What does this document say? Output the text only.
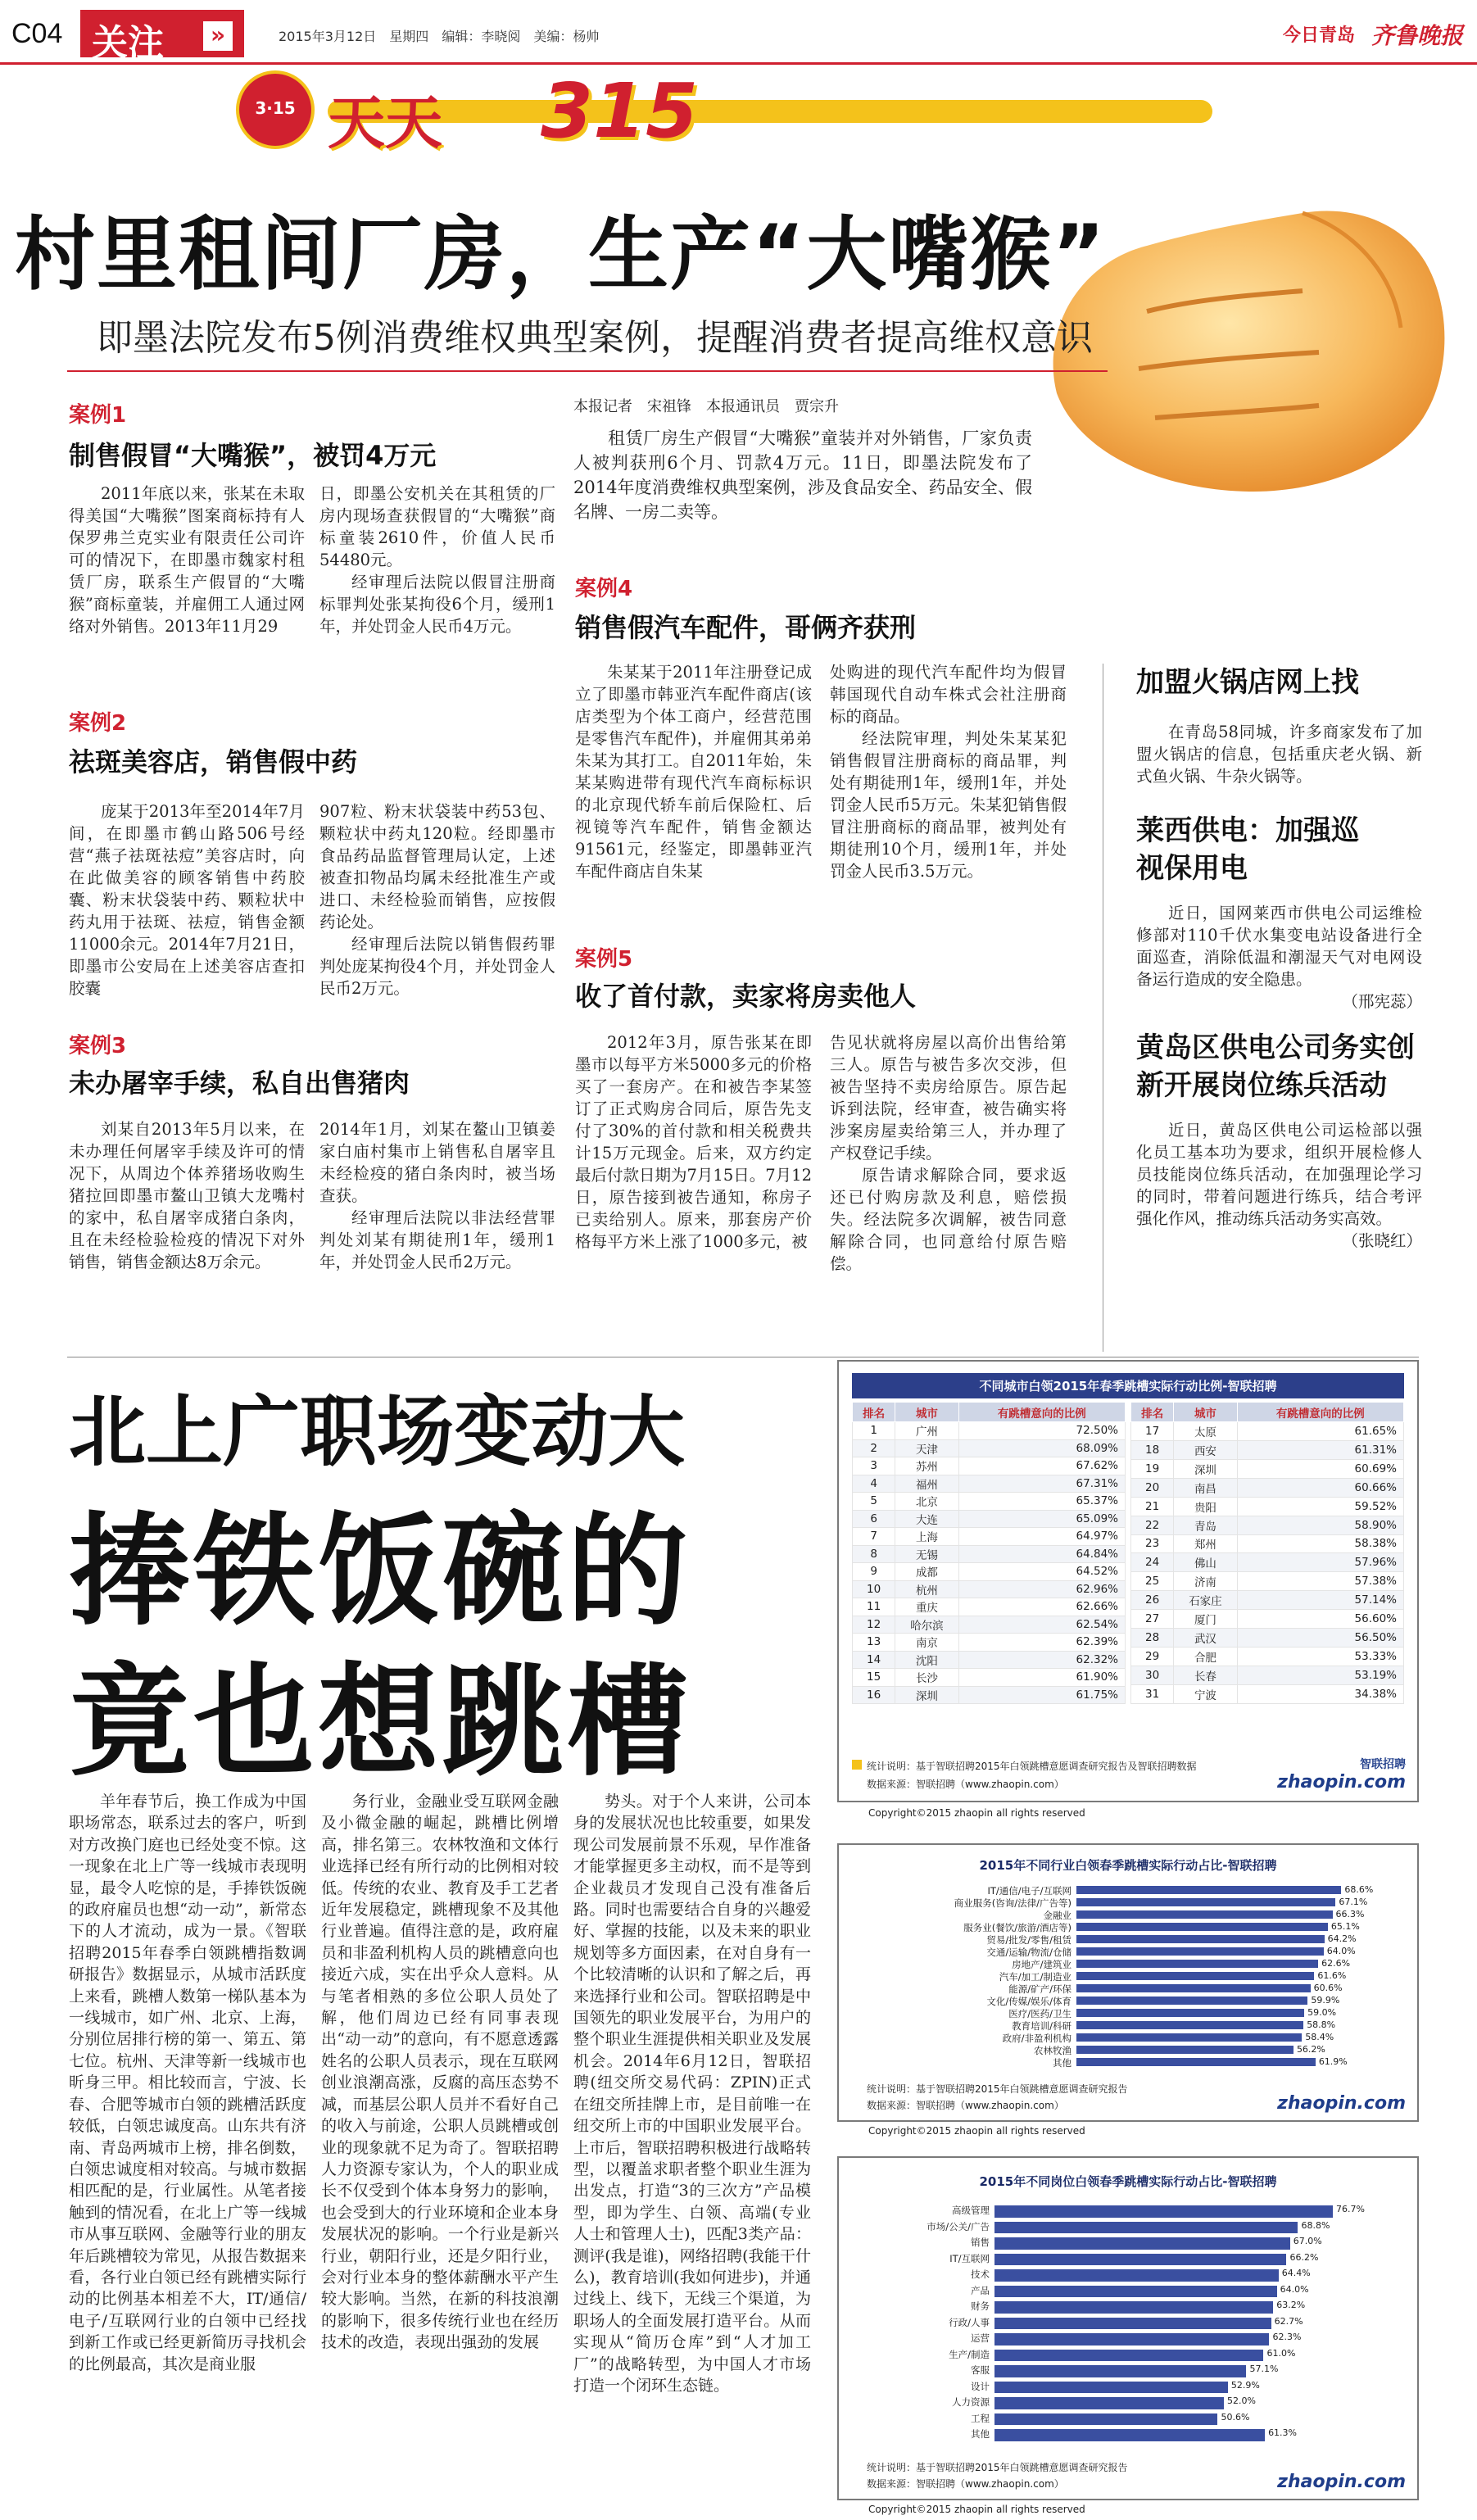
C04 关注	»	2015年3月12日　 星期四　 编辑：李晓阅　 美编：杨帅	今日青岛 齐鲁晚报
3·15 天天 315
村里租间厂房，生产“大嘴猴”
即墨法院发布5例消费维权典型案例，提醒消费者提高维权意识
案例1
制售假冒“大嘴猴”，被罚4万元

2011年底以来，张某在未取得美国“大嘴猴”图案商标持有人保罗弗兰克实业有限责任公司许可的情况下，在即墨市魏家村租赁厂房，联系生产假冒的“大嘴猴”商标童装，并雇佣工人通过网络对外销售。2013年11月29

日，即墨公安机关在其租赁的厂房内现场查获假冒的“大嘴猴”商标童装2610件，价值人民币54480元。

经审理后法院以假冒注册商标罪判处张某拘役6个月，缓刑1年，并处罚金人民币4万元。

本报记者　宋祖锋　本报通讯员　贾宗升

租赁厂房生产假冒“大嘴猴”童装并对外销售，厂家负责人被判获刑6个月、罚款4万元。11日，即墨法院发布了2014年度消费维权典型案例，涉及食品安全、药品安全、假名牌、一房二卖等。

案例2
祛斑美容店，销售假中药

庞某于2013年至2014年7月间，在即墨市鹤山路506号经营“燕子祛斑祛痘”美容店时，向在此做美容的顾客销售中药胶囊、粉末状袋装中药、颗粒状中药丸用于祛斑、祛痘，销售金额11000余元。2014年7月21日，即墨市公安局在上述美容店查扣胶囊

907粒、粉末状袋装中药53包、颗粒状中药丸120粒。经即墨市食品药品监督管理局认定，上述被查扣物品均属未经批准生产或进口、未经检验而销售，应按假药论处。

经审理后法院以销售假药罪判处庞某拘役4个月，并处罚金人民币2万元。

案例3
未办屠宰手续，私自出售猪肉

刘某自2013年5月以来，在未办理任何屠宰手续及许可的情况下，从周边个体养猪场收购生猪拉回即墨市鳌山卫镇大龙嘴村的家中，私自屠宰成猪白条肉，且在未经检验检疫的情况下对外销售，销售金额达8万余元。

2014年1月，刘某在鳌山卫镇姜家白庙村集市上销售私自屠宰且未经检疫的猪白条肉时，被当场查获。

经审理后法院以非法经营罪判处刘某有期徒刑1年，缓刑1年，并处罚金人民币2万元。

案例4
销售假汽车配件，哥俩齐获刑

朱某某于2011年注册登记成立了即墨市韩亚汽车配件商店(该店类型为个体工商户，经营范围是零售汽车配件)，并雇佣其弟弟朱某为其打工。自2011年始，朱某某购进带有现代汽车商标标识的北京现代轿车前后保险杠、后视镜等汽车配件，销售金额达91561元，经鉴定，即墨韩亚汽车配件商店自朱某

处购进的现代汽车配件均为假冒韩国现代自动车株式会社注册商标的商品。

经法院审理，判处朱某某犯销售假冒注册商标的商品罪，判处有期徒刑1年，缓刑1年，并处罚金人民币5万元。朱某犯销售假冒注册商标的商品罪，被判处有期徒刑10个月，缓刑1年，并处罚金人民币3.5万元。

案例5
收了首付款，卖家将房卖他人

2012年3月，原告张某在即墨市以每平方米5000多元的价格买了一套房产。在和被告李某签订了正式购房合同后，原告先支付了30%的首付款和相关税费共计15万元现金。后来，双方约定最后付款日期为7月15日。7月12日，原告接到被告通知，称房子已卖给别人。原来，那套房产价格每平方米上涨了1000多元，被

告见状就将房屋以高价出售给第三人。原告与被告多次交涉，但被告坚持不卖房给原告。原告起诉到法院，经审查，被告确实将涉案房屋卖给第三人，并办理了产权登记手续。

原告请求解除合同，要求返还已付购房款及利息，赔偿损失。经法院多次调解，被告同意解除合同，也同意给付原告赔偿。

加盟火锅店网上找

在青岛58同城，许多商家发布了加盟火锅店的信息，包括重庆老火锅、新式鱼火锅、牛杂火锅等。

莱西供电：加强巡视保用电

近日，国网莱西市供电公司运维检修部对110千伏水集变电站设备进行全面巡查，消除低温和潮湿天气对电网设备运行造成的安全隐患。

（邢宪蕊）
黄岛区供电公司务实创新开展岗位练兵活动

近日，黄岛区供电公司运检部以强化员工基本功为要求，组织开展检修人员技能岗位练兵活动，在加强理论学习的同时，带着问题进行练兵，结合考评强化作风，推动练兵活动务实高效。

（张晓红）
北上广职场变动大
捧铁饭碗的
竟也想跳槽

羊年春节后，换工作成为中国职场常态，联系过去的客户，听到对方改换门庭也已经处变不惊。这一现象在北上广等一线城市表现明显，最令人吃惊的是，手捧铁饭碗的政府雇员也想“动一动”，新常态下的人才流动，成为一景。《智联招聘2015年春季白领跳槽指数调研报告》数据显示，从城市活跃度上来看，跳槽人数第一梯队基本为一线城市，如广州、北京、上海，分别位居排行榜的第一、第五、第七位。杭州、天津等新一线城市也昕身三甲。相比较而言，宁波、长春、合肥等城市白领的跳槽活跃度较低，白领忠诚度高。山东共有济南、青岛两城市上榜，排名倒数，白领忠诚度相对较高。与城市数据相匹配的是，行业属性。从笔者接触到的情况看，在北上广等一线城市从事互联网、金融等行业的朋友年后跳槽较为常见，从报告数据来看，各行业白领已经有跳槽实际行动的比例基本相差不大，IT/通信/电子/互联网行业的白领中已经找到新工作或已经更新简历寻找机会的比例最高，其次是商业服

务行业，金融业受互联网金融及小微金融的崛起，跳槽比例增高，排名第三。农林牧渔和文体行业选择已经有所行动的比例相对较低。传统的农业、教育及手工艺者近年发展稳定，跳槽现象不及其他行业普遍。值得注意的是，政府雇员和非盈利机构人员的跳槽意向也接近六成，实在出乎众人意料。从与笔者相熟的多位公职人员处了解，他们周边已经有同事表现出“动一动”的意向，有不愿意透露姓名的公职人员表示，现在互联网创业浪潮高涨，反腐的高压态势不减，而基层公职人员并不看好自己的收入与前途，公职人员跳槽或创业的现象就不足为奇了。智联招聘人力资源专家认为，个人的职业成长不仅受到个体本身努力的影响，也会受到大的行业环境和企业本身发展状况的影响。一个行业是新兴行业，朝阳行业，还是夕阳行业，会对行业本身的整体薪酬水平产生较大影响。当然，在新的科技浪潮的影响下，很多传统行业也在经历技术的改造，表现出强劲的发展

势头。对于个人来讲，公司本身的发展状况也比较重要，如果发现公司发展前景不乐观，早作准备才能掌握更多主动权，而不是等到企业裁员才发现自己没有准备后路。同时也需要结合自身的兴趣爱好、掌握的技能，以及未来的职业规划等多方面因素，在对自身有一个比较清晰的认识和了解之后，再来选择行业和公司。智联招聘是中国领先的职业发展平台，为用户的整个职业生涯提供相关职业及发展机会。2014年6月12日，智联招聘(纽交所交易代码：ZPIN)正式在纽交所挂牌上市，是目前唯一在纽交所上市的中国职业发展平台。上市后，智联招聘积极进行战略转型，以覆盖求职者整个职业生涯为出发点，打造“3的三次方”产品模型，即为学生、白领、高端(专业人士和管理人士)，匹配3类产品：测评(我是谁)，网络招聘(我能干什么)，教育培训(我如何进步)，并通过线上、线下，无线三个渠道，为职场人的全面发展打造平台。从而实现从“简历仓库”到“人才加工厂”的战略转型，为中国人才市场打造一个闭环生态链。

不同城市白领2015年春季跳槽实际行动比例-智联招聘
排名	城市	有跳槽意向的比例
1	广州	72.50%
2	天津	68.09%
3	苏州	67.62%
4	福州	67.31%
5	北京	65.37%
6	大连	65.09%
7	上海	64.97%
8	无锡	64.84%
9	成都	64.52%
10	杭州	62.96%
11	重庆	62.66%
12	哈尔滨	62.54%
13	南京	62.39%
14	沈阳	62.32%
15	长沙	61.90%
16	深圳	61.75%
排名	城市	有跳槽意向的比例
17	太原	61.65%
18	西安	61.31%
19	深圳	60.69%
20	南昌	60.66%
21	贵阳	59.52%
22	青岛	58.90%
23	郑州	58.38%
24	佛山	57.96%
25	济南	57.38%
26	石家庄	57.14%
27	厦门	56.60%
28	武汉	56.50%
29	合肥	53.33%
30	长春	53.19%
31	宁波	34.38%
统计说明：基于智联招聘2015年白领跳槽意愿调查研究报告及智联招聘数据
数据来源：智联招聘（www.zhaopin.com）
智联招聘
zhaopin.com
Copyright©2015 zhaopin all rights reserved
2015年不同行业白领春季跳槽实际行动占比-智联招聘
IT/通信/电子/互联网	68.6%
商业服务(咨询/法律/广告等)	67.1%
金融业	66.3%
服务业(餐饮/旅游/酒店等)	65.1%
贸易/批发/零售/租赁	64.2%
交通/运输/物流/仓储	64.0%
房地产/建筑业	62.6%
汽车/加工/制造业	61.6%
能源/矿产/环保	60.6%
文化/传媒/娱乐/体育	59.9%
医疗/医药/卫生	59.0%
教育培训/科研	58.8%
政府/非盈利机构	58.4%
农林牧渔	56.2%
其他	61.9%
统计说明：基于智联招聘2015年白领跳槽意愿调查研究报告
数据来源：智联招聘（www.zhaopin.com）	zhaopin.com
Copyright©2015 zhaopin all rights reserved
2015年不同岗位白领春季跳槽实际行动占比-智联招聘
高级管理	76.7%
市场/公关/广告	68.8%
销售	67.0%
IT/互联网	66.2%
技术	64.4%
产品	64.0%
财务	63.2%
行政/人事	62.7%
运营	62.3%
生产/制造	61.0%
客服	57.1%
设计	52.9%
人力资源	52.0%
工程	50.6%
其他	61.3%
统计说明：基于智联招聘2015年白领跳槽意愿调查研究报告
数据来源：智联招聘（www.zhaopin.com）	zhaopin.com
Copyright©2015 zhaopin all rights reserved
